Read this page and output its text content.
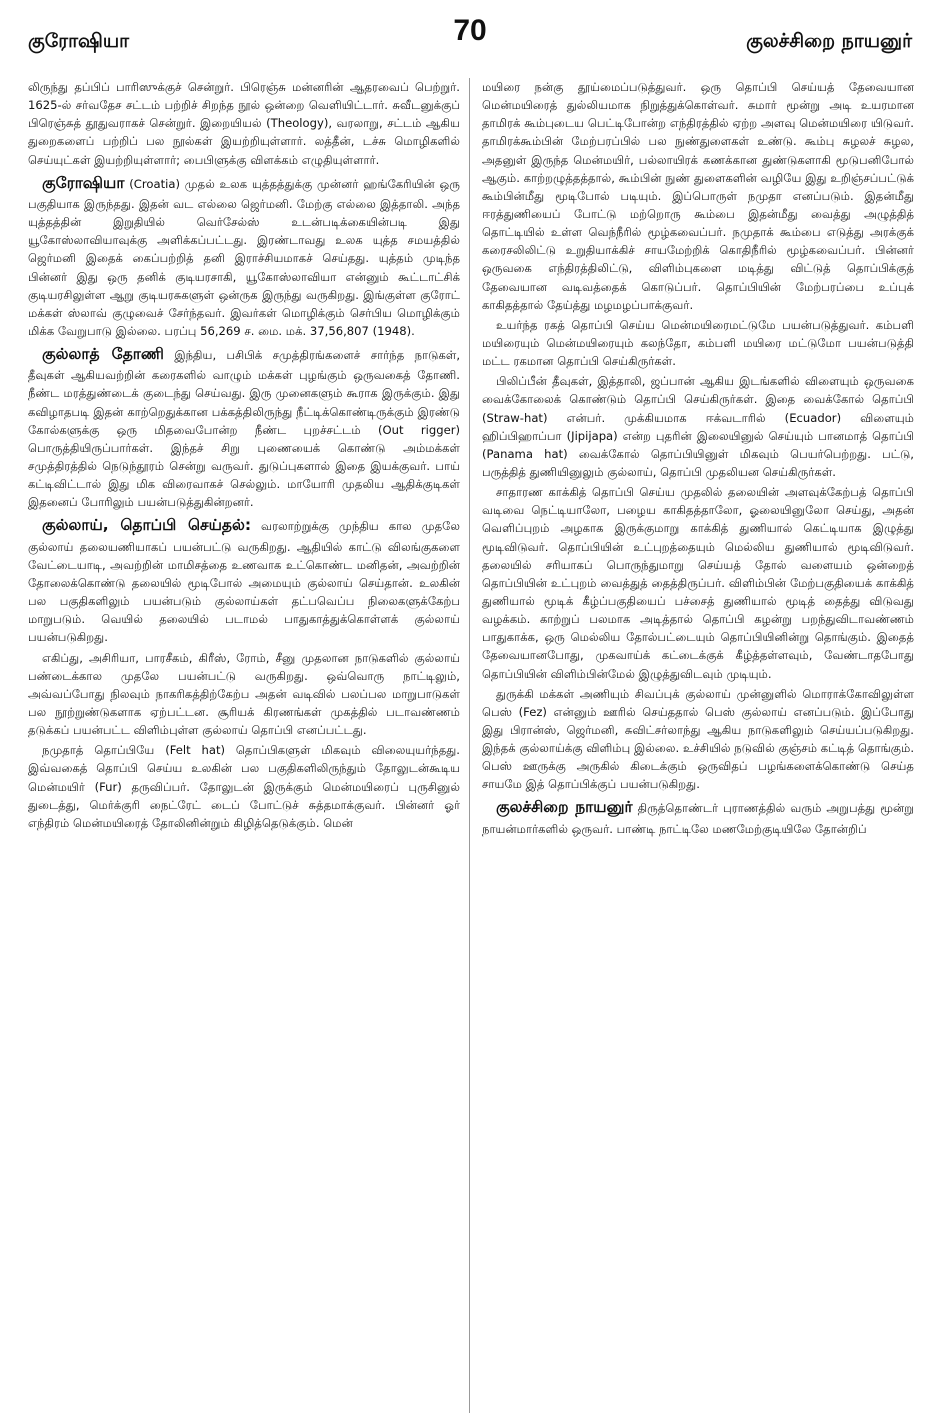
குரோஷியா	70	குலச்சிறை நாயனுர்

லிருந்து தப்பிப் பாரிஸுக்குச் சென்றுர். பிரெஞ்சு மன்னரின் ஆதரவைப் பெற்றுர். 1625-ல் சர்வதேச சட்டம் பற்றிச் சிறந்த நூல் ஒன்றை வெளியிட்டார். சுவீடனுக்குப் பிரெஞ்சுத் தூதுவராகச் சென்றுர். இறையியல் (Theology), வரலாறு, சட்டம் ஆகிய துறைகளைப் பற்றிப் பல நூல்கள் இயற்றியுள்ளார். லத்தீன், டச்சு மொழிகளில் செய்யுட்கள் இயற்றியுள்ளார்; பைபிளுக்கு விளக்கம் எழுதியுள்ளார்.

குரோஷியா (Croatia) முதல் உலக யுத்தத்துக்கு முன்னர் ஹங்கேரியின் ஒரு பகுதியாக இருந்தது. இதன் வட எல்லை ஜெர்மனி. மேற்கு எல்லை இத்தாலி. அந்த யுத்தத்தின் இறுதியில் வெர்சேல்ஸ் உடன்படிக்கையின்படி இது யூகோஸ்லாவியாவுக்கு அளிக்கப்பட்டது. இரண்டாவது உலக யுத்த சமயத்தில் ஜெர்மனி இதைக் கைப்பற்றித் தனி இராச்சியமாகச் செய்தது. யுத்தம் முடிந்த பின்னர் இது ஒரு தனிக் குடியரசாகி, யூகோஸ்லாவியா என்னும் கூட்டாட்சிக் குடியரசிலுள்ள ஆறு குடியரசுகளுள் ஒன்ருக இருந்து வருகிறது. இங்குள்ள குரோட் மக்கள் ஸ்லாவ் குழுவைச் சேர்ந்தவர். இவர்கள் மொழிக்கும் செர்பிய மொழிக்கும் மிக்க வேறுபாடு இல்லை. பரப்பு 56,269 ச. மை. மக். 37,56,807 (1948).

குல்லாத் தோணி இந்திய, பசிபிக் சமுத்திரங்களைச் சார்ந்த நாடுகள், தீவுகள் ஆகியவற்றின் கரைகளில் வாழும் மக்கள் புழங்கும் ஒருவகைத் தோணி. நீண்ட மரத்துண்டைக் குடைந்து செய்வது. இரு முனைகளும் கூராக இருக்கும். இது கவிழாதபடி இதன் காற்றெதுக்கான பக்கத்திலிருந்து நீட்டிக்கொண்டிருக்கும் இரண்டு கோல்களுக்கு ஒரு மிதவைபோன்ற நீண்ட புறச்சட்டம் (Out rigger) பொருத்தியிருப்பார்கள். இந்தச் சிறு புணையைக் கொண்டு அம்மக்கள் சமுத்திரத்தில் நெடுந்தூரம் சென்று வருவர். துடுப்புகளால் இதை இயக்குவர். பாய் கட்டிவிட்டால் இது மிக விரைவாகச் செல்லும். மாயோரி முதலிய ஆதிக்குடிகள் இதனைப் போரிலும் பயன்படுத்துகின்றனர்.

குல்லாய், தொப்பி செய்தல்: வரலாற்றுக்கு முந்திய கால முதலே குல்லாய் தலையணியாகப் பயன்பட்டு வருகிறது. ஆதியில் காட்டு விலங்குகளை வேட்டையாடி, அவற்றின் மாமிசத்தை உணவாக உட்கொண்ட மனிதன், அவற்றின் தோலைக்கொண்டு தலையில் மூடிபோல் அமையும் குல்லாய் செய்தான். உலகின் பல பகுதிகளிலும் பயன்படும் குல்லாய்கள் தட்பவெப்ப நிலைகளுக்கேற்ப மாறுபடும். வெயில் தலையில் படாமல் பாதுகாத்துக்கொள்ளக் குல்லாய் பயன்படுகிறது.

எகிப்து, அசிரியா, பாரசீகம், கிரீஸ், ரோம், சீனு முதலான நாடுகளில் குல்லாய் பண்டைக்கால முதலே பயன்பட்டு வருகிறது. ஒவ்வொரு நாட்டிலும், அவ்வப்போது நிலவும் நாகரிகத்திற்கேற்ப அதன் வடிவில் பலப்பல மாறுபாடுகள் பல நூற்றுண்டுகளாக ஏற்பட்டன. சூரியக் கிரணங்கள் முகத்தில் படாவண்ணம் தடுக்கப் பயன்பட்ட விளிம்புள்ள குல்லாய் தொப்பி எனப்பட்டது.

நமுதாத் தொப்பியே (Felt hat) தொப்பிகளுள் மிகவும் விலையுயர்ந்தது. இவ்வகைத் தொப்பி செய்ய உலகின் பல பகுதிகளிலிருந்தும் தோலுடன்கூடிய மென்மயிர் (Fur) தருவிப்பர். தோலுடன் இருக்கும் மென்மயிரைப் புருசினுல் துடைத்து, மெர்க்குரி நைட்ரேட் டைப் போட்டுச் சுத்தமாக்குவர். பின்னர் ஓர் எந்திரம் மென்மயிரைத் தோலினின்றும் கிழித்தெடுக்கும். மென்

மயிரை நன்கு தூய்மைப்படுத்துவர். ஒரு தொப்பி செய்யத் தேவையான மென்மயிரைத் துல்லியமாக நிறுத்துக்கொள்வர். சுமார் மூன்று அடி உயரமான தாமிரக் கூம்புடைய பெட்டிபோன்ற எந்திரத்தில் ஏற்ற அளவு மென்மயிரை யிடுவர். தாமிரக்கூம்பின் மேற்பரப்பில் பல நுண்துளைகள் உண்டு. கூம்பு சுழலச் சுழல, அதனுள் இருந்த மென்மயிர், பல்லாயிரக் கணக்கான துண்டுகளாகி மூடுபனிபோல் ஆகும். காற்றழுத்தத்தால், கூம்பின் நுண் துளைகளின் வழியே இது உறிஞ்சப்பட்டுக் கூம்பின்மீது மூடிபோல் படியும். இப்பொருள் நமுதா எனப்படும். இதன்மீது ஈரத்துணியைப் போட்டு மற்றொரு கூம்பை இதன்மீது வைத்து அழுத்தித் தொட்டியில் உள்ள வெந்நீரில் மூழ்கவைப்பர். நமுதாக் கூம்பை எடுத்து அரக்குக் கரைசலிலிட்டு உறுதியாக்கிச் சாயமேற்றிக் கொதிநீரில் மூழ்கவைப்பர். பின்னர் ஒருவகை எந்திரத்திலிட்டு, விளிம்புகளை மடித்து விட்டுத் தொப்பிக்குத் தேவையான வடிவத்தைக் கொடுப்பர். தொப்பியின் மேற்பரப்பை உப்புக் காகிதத்தால் தேய்த்து மழமழப்பாக்குவர்.

உயர்ந்த ரகத் தொப்பி செய்ய மென்மயிரைமட்டுமே பயன்படுத்துவர். கம்பளி மயிரையும் மென்மயிரையும் கலந்தோ, கம்பளி மயிரை மட்டுமோ பயன்படுத்தி மட்ட ரகமான தொப்பி செய்கிருர்கள்.

பிலிப்பீன் தீவுகள், இத்தாலி, ஜப்பான் ஆகிய இடங்களில் விளையும் ஒருவகை வைக்கோலைக் கொண்டும் தொப்பி செய்கிருர்கள். இதை வைக்கோல் தொப்பி (Straw-hat) என்பர். முக்கியமாக ஈக்வடாரில் (Ecuador) விளையும் ஹிப்பிஹாப்பா (Jipijapa) என்ற புதரின் இலையினுல் செய்யும் பானமாத் தொப்பி (Panama hat) வைக்கோல் தொப்பியினுள் மிகவும் பெயர்பெற்றது. பட்டு, பருத்தித் துணியினுலும் குல்லாய், தொப்பி முதலியன செய்கிருர்கள்.

சாதாரண காக்கித் தொப்பி செய்ய முதலில் தலையின் அளவுக்கேற்பத் தொப்பி வடிவை நெட்டியாலோ, பழைய காகிதத்தாலோ, ஓலையினுலோ செய்து, அதன் வெளிப்புறம் அழகாக இருக்குமாறு காக்கித் துணியால் கெட்டியாக இழுத்து மூடிவிடுவர். தொப்பியின் உட்புறத்தையும் மெல்லிய துணியால் மூடிவிடுவர். தலையில் சரியாகப் பொருந்துமாறு செய்யத் தோல் வளையம் ஒன்றைத் தொப்பியின் உட்புறம் வைத்துத் தைத்திருப்பர். விளிம்பின் மேற்பகுதியைக் காக்கித் துணியால் மூடிக் கீழ்ப்பகுதியைப் பச்சைத் துணியால் மூடித் தைத்து விடுவது வழக்கம். காற்றுப் பலமாக அடித்தால் தொப்பி கழன்று பறந்துவிடாவண்ணம் பாதுகாக்க, ஒரு மெல்லிய தோல்பட்டையும் தொப்பியினின்று தொங்கும். இதைத் தேவையானபோது, முகவாய்க் கட்டைக்குக் கீழ்த்தள்ளவும், வேண்டாதபோது தொப்பியின் விளிம்பின்மேல் இழுத்துவிடவும் முடியும்.

துருக்கி மக்கள் அணியும் சிவப்புக் குல்லாய் முன்னுளில் மொராக்கோவிலுள்ள பெஸ் (Fez) என்னும் ஊரில் செய்ததால் பெஸ் குல்லாய் எனப்படும். இப்போது இது பிரான்ஸ், ஜெர்மனி, சுவிட்சர்லாந்து ஆகிய நாடுகளிலும் செய்யப்படுகிறது. இந்தக் குல்லாய்க்கு விளிம்பு இல்லை. உச்சியில் நடுவில் குஞ்சம் கட்டித் தொங்கும். பெஸ் ஊருக்கு அருகில் கிடைக்கும் ஒருவிதப் பழங்களைக்கொண்டு செய்த சாயமே இத் தொப்பிக்குப் பயன்படுகிறது.

குலச்சிறை நாயனுர் திருத்தொண்டர் புராணத்தில் வரும் அறுபத்து மூன்று நாயன்மார்களில் ஒருவர். பாண்டி நாட்டிலே மணமேற்குடியிலே தோன்றிப்
